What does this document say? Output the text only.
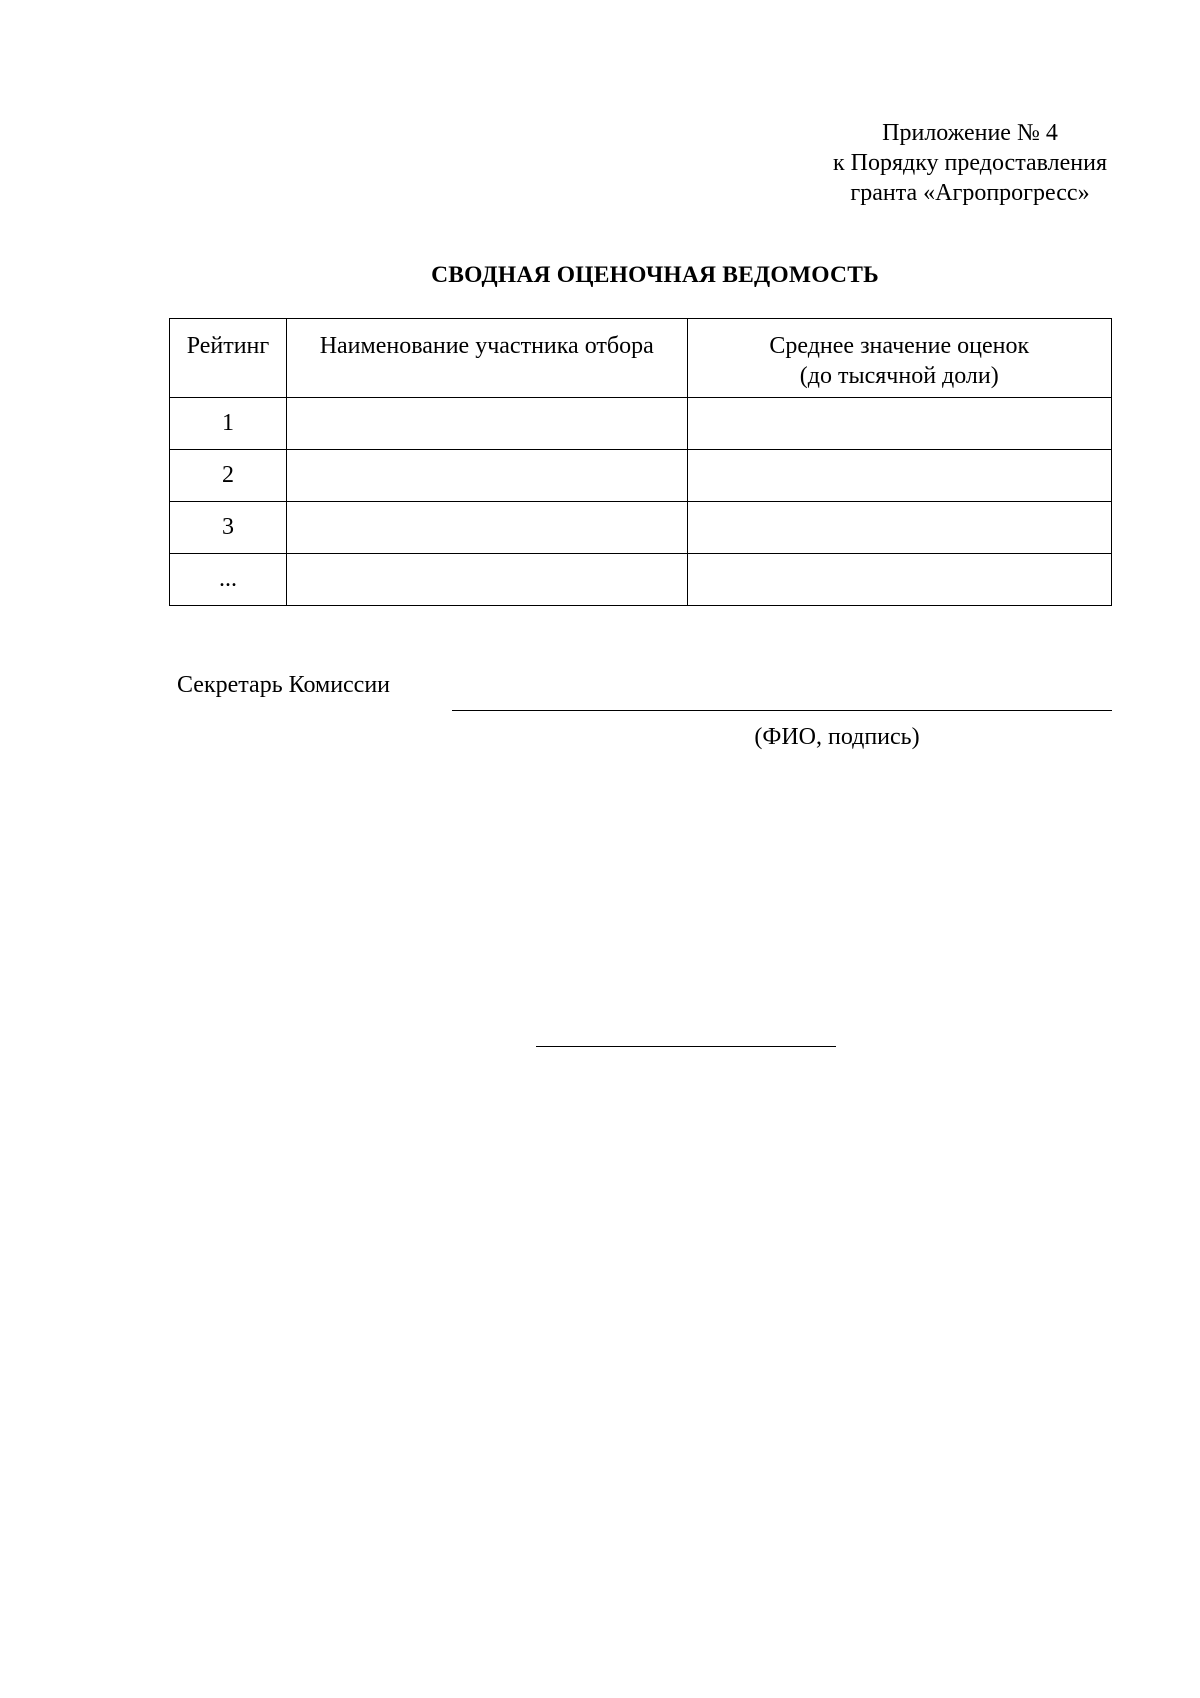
Приложение № 4
к Порядку предоставления
гранта «Агропрогресс»
СВОДНАЯ ОЦЕНОЧНАЯ ВЕДОМОСТЬ
Рейтинг	Наименование участника отбора	Среднее значение оценок
(до тысячной доли)

1		
2		
3		
...		
Секретарь Комиссии
(ФИО, подпись)
